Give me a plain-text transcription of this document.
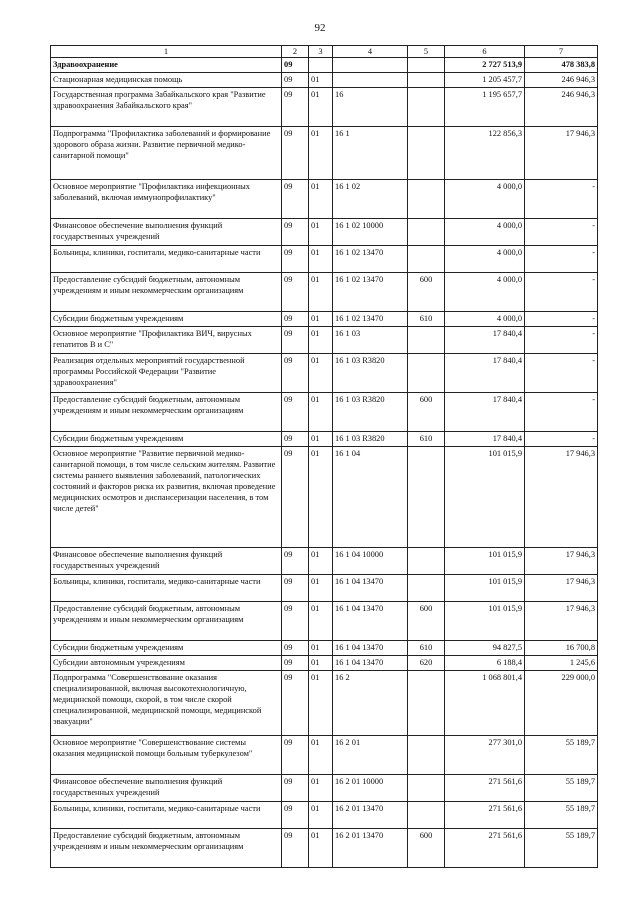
92
1	2	3	4	5	6	7
Здравоохранение	09				2 727 513,9	478 383,8
Стационарная медицинская помощь	09	01			1 205 457,7	246 946,3
Государственная программа Забайкальского края "Развитие здравоохранения Забайкальского края"	09	01	16		1 195 657,7	246 946,3
Подпрограмма "Профилактика заболеваний и формирование здорового образа жизни. Развитие первичной медико-санитарной помощи"	09	01	16 1		122 856,3	17 946,3
Основное мероприятие "Профилактика инфекционных заболеваний, включая иммунопрофилактику"	09	01	16 1 02		4 000,0	-
Финансовое обеспечение выполнения функций государственных учреждений	09	01	16 1 02 10000		4 000,0	-
Больницы, клиники, госпитали, медико-санитарные части	09	01	16 1 02 13470		4 000,0	-
Предоставление субсидий бюджетным, автономным учреждениям и иным некоммерческим организациям	09	01	16 1 02 13470	600	4 000,0	-
Субсидии бюджетным учреждениям	09	01	16 1 02 13470	610	4 000,0	-
Основное мероприятие "Профилактика ВИЧ, вирусных гепатитов В и С"	09	01	16 1 03		17 840,4	-
Реализация отдельных мероприятий государственной программы Российской Федерации "Развитие здравоохранения"	09	01	16 1 03 R3820		17 840,4	-
Предоставление субсидий бюджетным, автономным учреждениям и иным некоммерческим организациям	09	01	16 1 03 R3820	600	17 840,4	-
Субсидии бюджетным учреждениям	09	01	16 1 03 R3820	610	17 840,4	-
Основное мероприятие "Развитие первичной медико-санитарной помощи, в том числе сельским жителям. Развитие системы раннего выявления заболеваний, патологических состояний и факторов риска их развития, включая проведение медицинских осмотров и диспансеризации населения, в том числе детей"	09	01	16 1 04		101 015,9	17 946,3
Финансовое обеспечение выполнения функций государственных учреждений	09	01	16 1 04 10000		101 015,9	17 946,3
Больницы, клиники, госпитали, медико-санитарные части	09	01	16 1 04 13470		101 015,9	17 946,3
Предоставление субсидий бюджетным, автономным учреждениям и иным некоммерческим организациям	09	01	16 1 04 13470	600	101 015,9	17 946,3
Субсидии бюджетным учреждениям	09	01	16 1 04 13470	610	94 827,5	16 700,8
Субсидии автономным учреждениям	09	01	16 1 04 13470	620	6 188,4	1 245,6
Подпрограмма "Совершенствование оказания специализированной, включая высокотехнологичную, медицинской помощи, скорой, в том числе скорой специализированной, медицинской помощи, медицинской эвакуации"	09	01	16 2		1 068 801,4	229 000,0
Основное мероприятие "Совершенствование системы оказания медицинской помощи больным туберкулезом"	09	01	16 2 01		277 301,0	55 189,7
Финансовое обеспечение выполнения функций государственных учреждений	09	01	16 2 01 10000		271 561,6	55 189,7
Больницы, клиники, госпитали, медико-санитарные части	09	01	16 2 01 13470		271 561,6	55 189,7
Предоставление субсидий бюджетным, автономным учреждениям и иным некоммерческим организациям	09	01	16 2 01 13470	600	271 561,6	55 189,7
